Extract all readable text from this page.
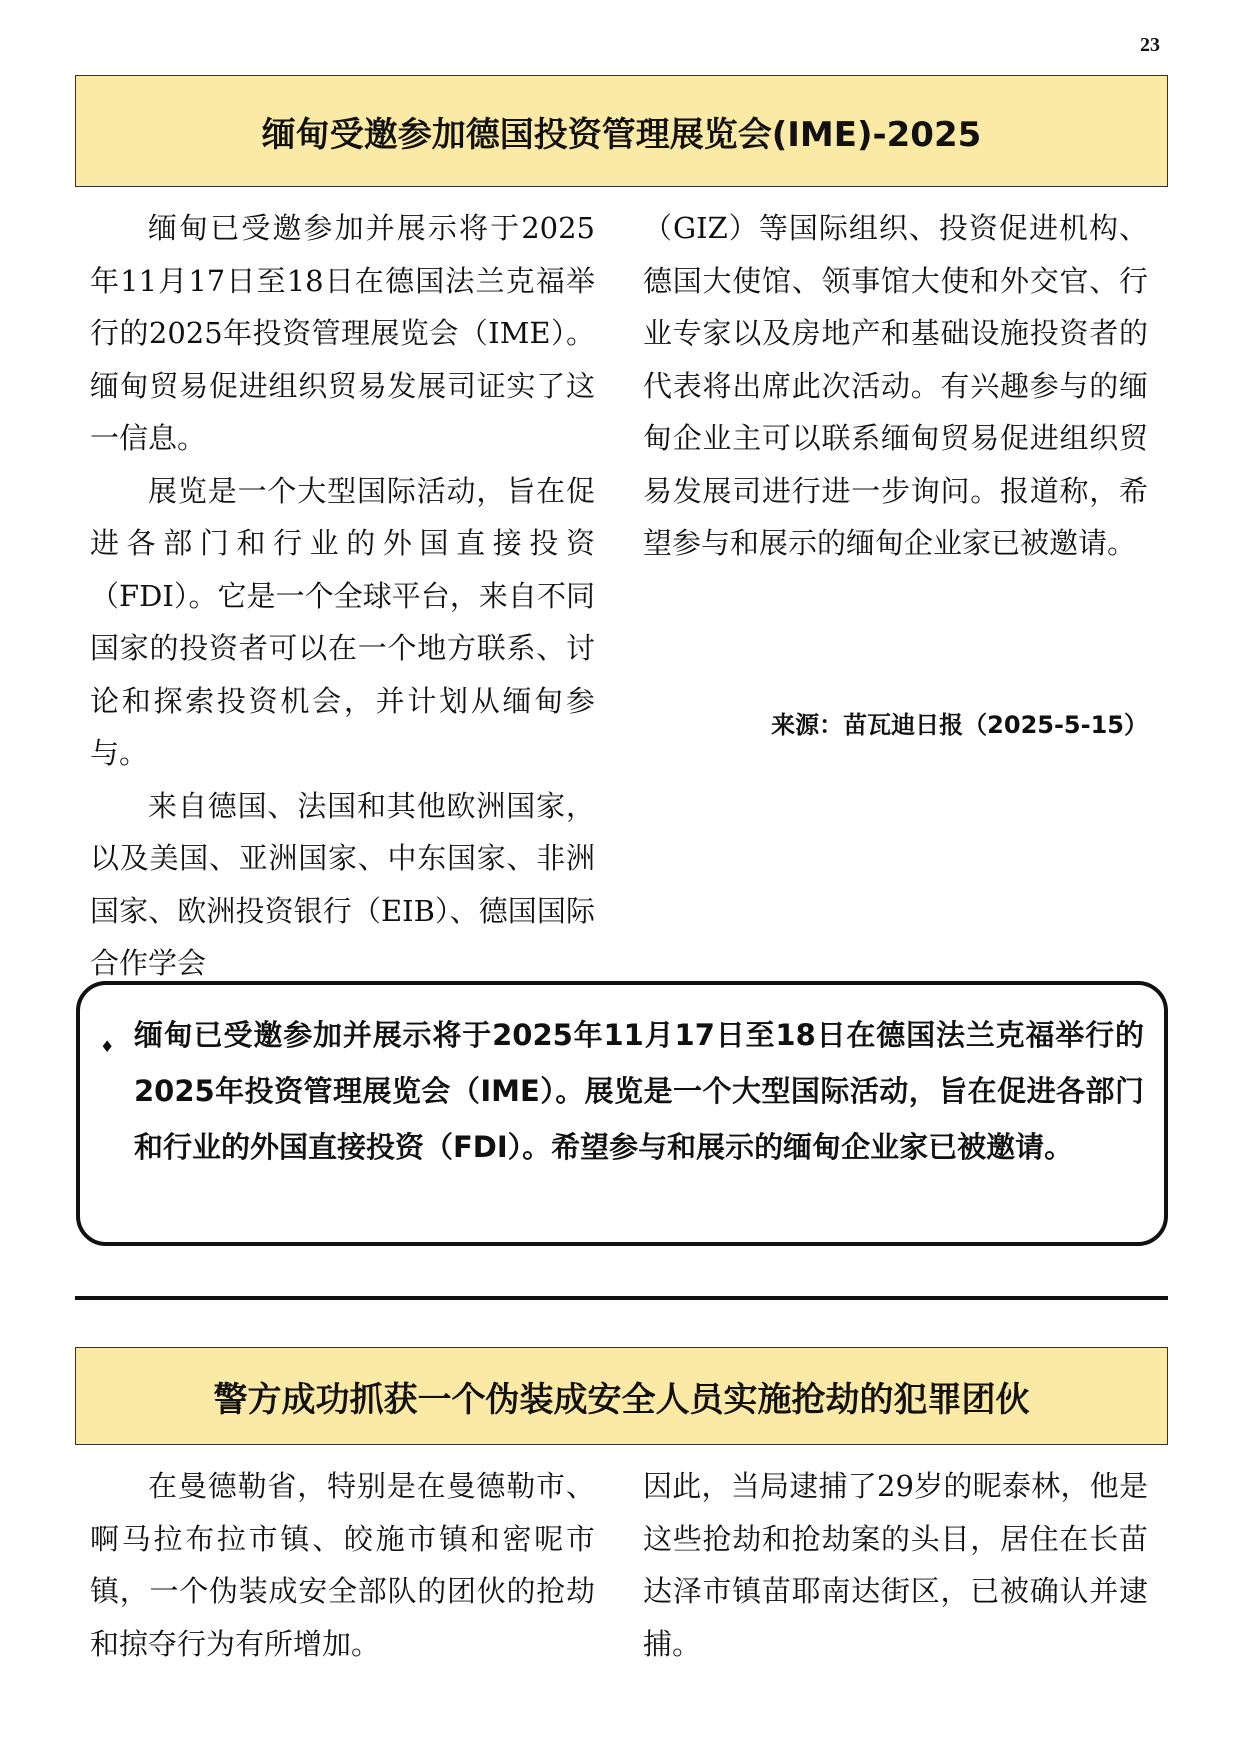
23
缅甸受邀参加德国投资管理展览会(IME)-2025

缅甸已受邀参加并展示将于2025年11月17日至18日在德国法兰克福举行的2025年投资管理展览会（IME）。缅甸贸易促进组织贸易发展司证实了这一信息。

展览是一个大型国际活动，旨在促进各部门和行业的外国直接投资（FDI）。它是一个全球平台，来自不同国家的投资者可以在一个地方联系、讨论和探索投资机会，并计划从缅甸参与。

来自德国、法国和其他欧洲国家，以及美国、亚洲国家、中东国家、非洲国家、欧洲投资银行（EIB）、德国国际合作学会

（GIZ）等国际组织、投资促进机构、德国大使馆、领事馆大使和外交官、行业专家以及房地产和基础设施投资者的代表将出席此次活动。有兴趣参与的缅甸企业主可以联系缅甸贸易促进组织贸易发展司进行进一步询问。报道称，希望参与和展示的缅甸企业家已被邀请。

来源：苗瓦迪日报（2025-5-15）
♦ 缅甸已受邀参加并展示将于2025年11月17日至18日在德国法兰克福举行的2025年投资管理展览会（IME）。展览是一个大型国际活动，旨在促进各部门和行业的外国直接投资（FDI）。希望参与和展示的缅甸企业家已被邀请。
警方成功抓获一个伪装成安全人员实施抢劫的犯罪团伙

在曼德勒省，特别是在曼德勒市、啊马拉布拉市镇、皎施市镇和密呢市镇，一个伪装成安全部队的团伙的抢劫和掠夺行为有所增加。

因此，当局逮捕了29岁的昵泰林，他是这些抢劫和抢劫案的头目，居住在长苗达泽市镇苗耶南达街区，已被确认并逮捕。
